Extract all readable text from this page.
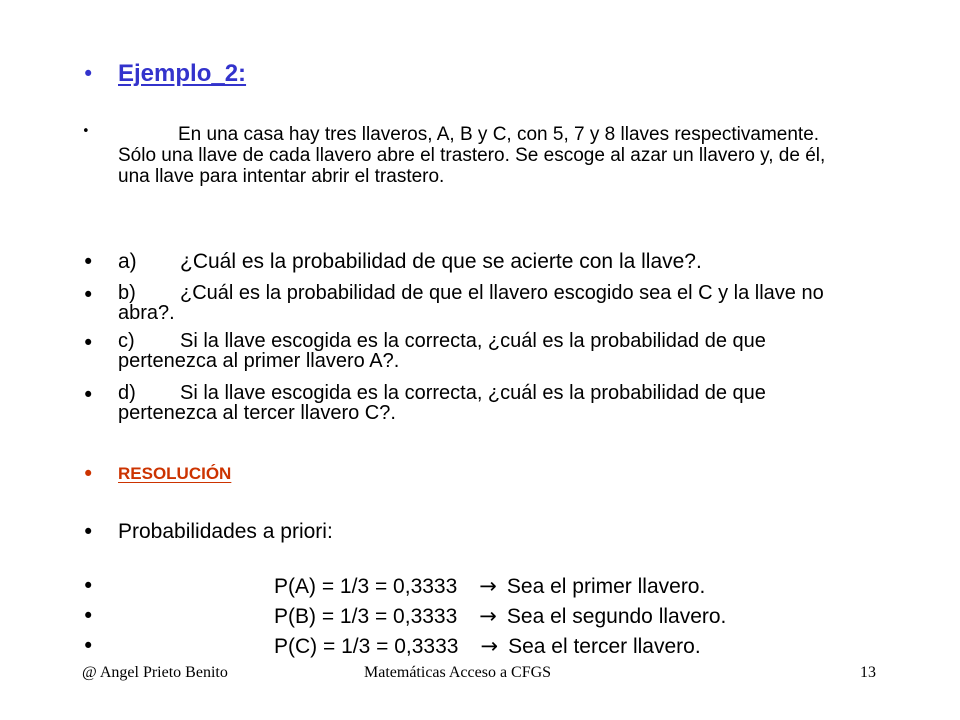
• Ejemplo_2:
•	En una casa hay tres llaveros, A, B y C, con 5, 7 y 8 llaves respectivamente. Sólo una llave de cada llavero abre el trastero. Se escoge al azar un llavero y, de él, una llave para intentar abrir el trastero.
• a) ¿Cuál es la probabilidad de que se acierte con la llave?.
• b) ¿Cuál es la probabilidad de que el llavero escogido sea el C y la llave no abra?.
• c) Si la llave escogida es la correcta, ¿cuál es la probabilidad de que pertenezca al primer llavero A?.
• d) Si la llave escogida es la correcta, ¿cuál es la probabilidad de que pertenezca al tercer llavero C?.
• RESOLUCIÓN
• Probabilidades a priori:
•	P(A) = 1/3 = 0,3333 → Sea el primer llavero.
•	P(B) = 1/3 = 0,3333 → Sea el segundo llavero.
•	P(C) = 1/3 = 0,3333 → Sea el tercer llavero.
@ Angel Prieto Benito	Matemáticas Acceso a CFGS	13
